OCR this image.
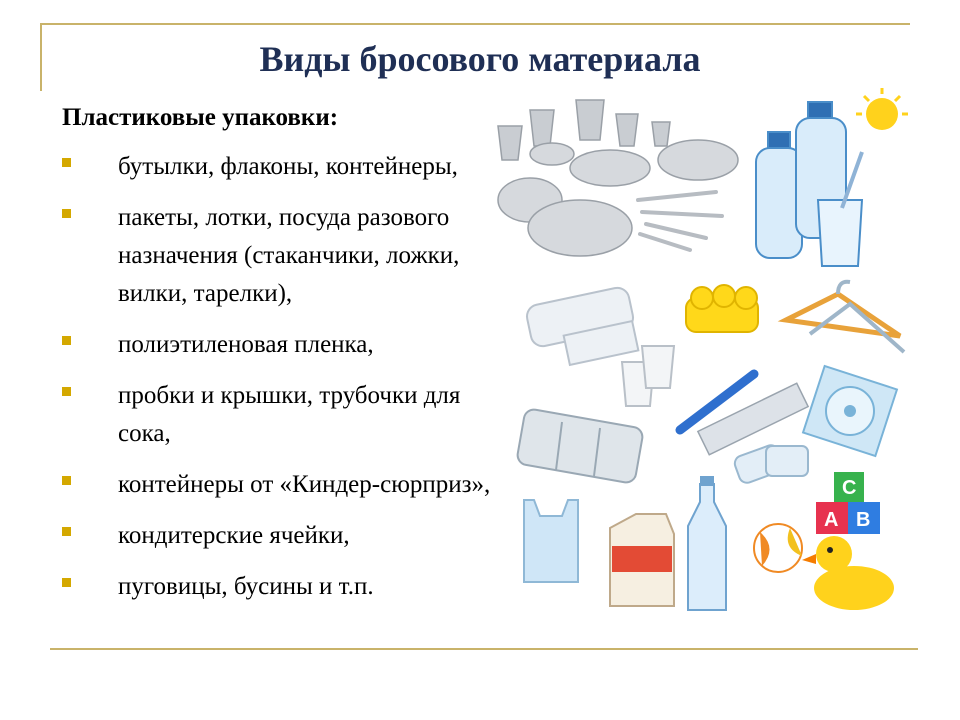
Виды бросового материала
Пластиковые упаковки:
бутылки, флаконы, контейнеры,
пакеты, лотки, посуда разового назначения (стаканчики, ложки, вилки, тарелки),
полиэтиленовая пленка,
пробки и крышки, трубочки для сока,
контейнеры от «Киндер-сюрприз»,
кондитерские ячейки,
пуговицы, бусины и т.п.
C
A B
